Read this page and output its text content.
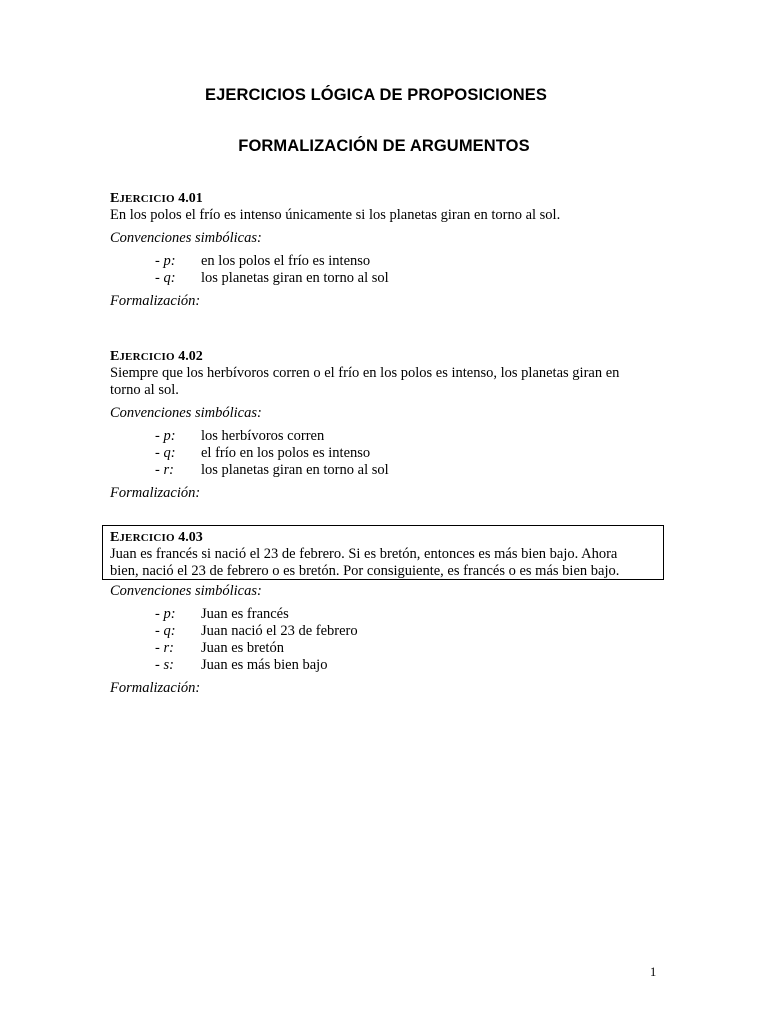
EJERCICIOS LÓGICA DE PROPOSICIONES
FORMALIZACIÓN DE ARGUMENTOS
EJERCICIO 4.01
En los polos el frío es intenso únicamente si los planetas giran en torno al sol.
Convenciones simbólicas:
- p:	en los polos el frío es intenso
- q:	los planetas giran en torno al sol
Formalización:
EJERCICIO 4.02
Siempre que los herbívoros corren o el frío en los polos es intenso, los planetas giran en
torno al sol.
Convenciones simbólicas:
- p:	los herbívoros corren
- q:	el frío en los polos es intenso
- r:	los planetas giran en torno al sol
Formalización:
EJERCICIO 4.03
Juan es francés si nació el 23 de febrero. Si es bretón, entonces es más bien bajo. Ahora
bien, nació el 23 de febrero o es bretón. Por consiguiente, es francés o es más bien bajo.
Convenciones simbólicas:
- p:	Juan es francés
- q:	Juan nació el 23 de febrero
- r:	Juan es bretón
- s:	Juan es más bien bajo
Formalización:
1
